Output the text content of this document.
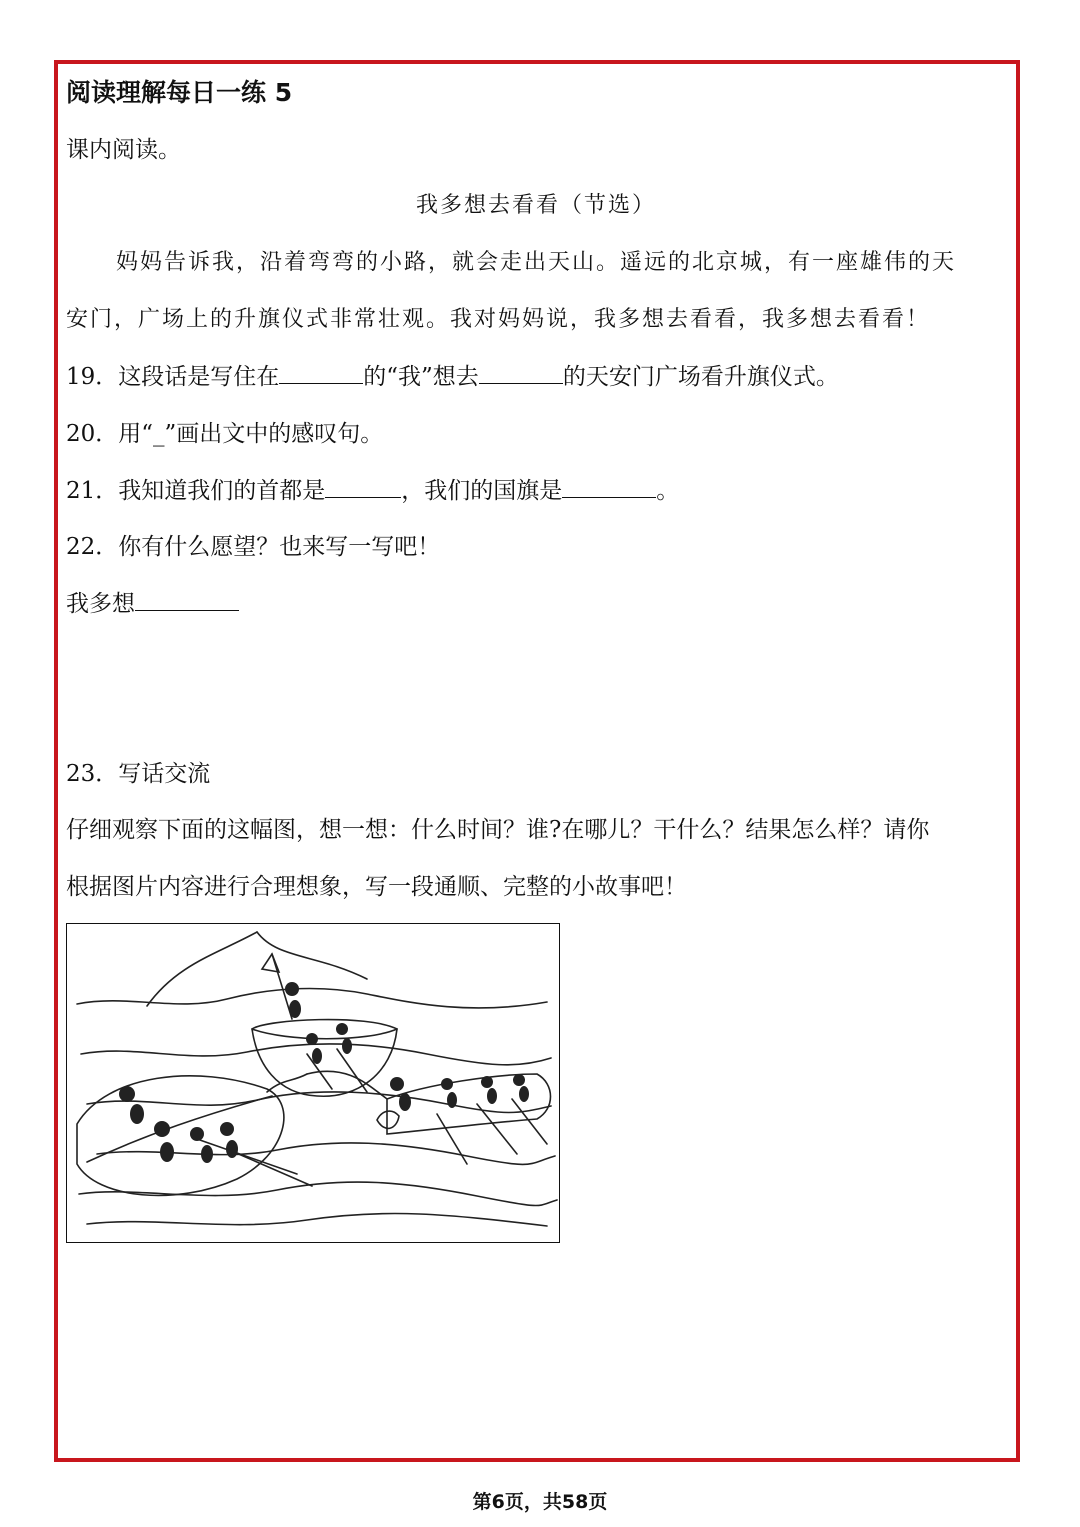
阅读理解每日一练 5
课内阅读。
我多想去看看（节选）
妈妈告诉我，沿着弯弯的小路，就会走出天山。遥远的北京城，有一座雄伟的天
安门，广场上的升旗仪式非常壮观。我对妈妈说，我多想去看看，我多想去看看！
19．这段话是写住在	的“我”想去	的天安门广场看升旗仪式。
20．用“_”画出文中的感叹句。
21．我知道我们的首都是	，我们的国旗是	。
22．你有什么愿望？也来写一写吧！
我多想
23．写话交流
仔细观察下面的这幅图，想一想：什么时间？谁?在哪儿？干什么？结果怎么样？请你
根据图片内容进行合理想象，写一段通顺、完整的小故事吧！
第6页，共58页
